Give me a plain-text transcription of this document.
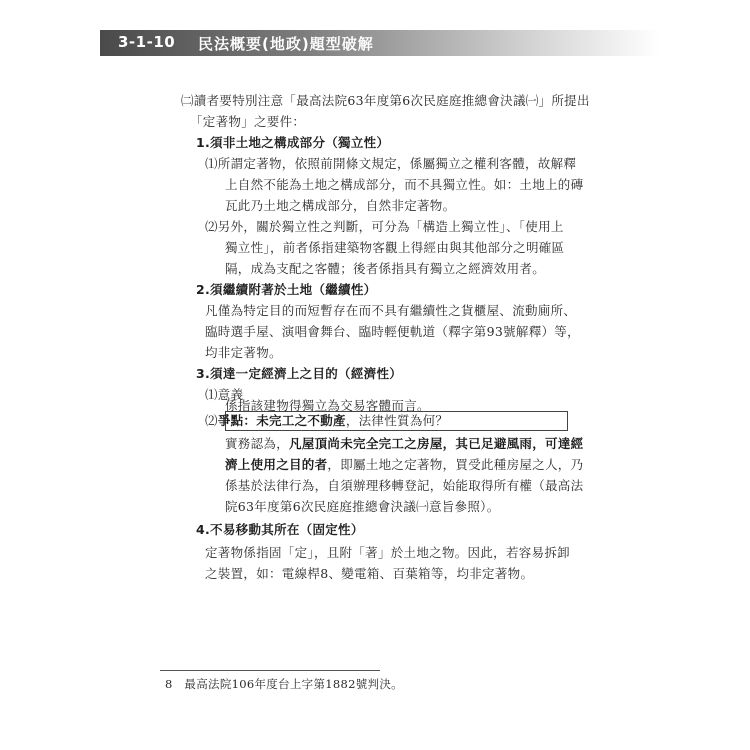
3-1-10 民法概要(地政)題型破解
㈡讀者要特別注意「最高法院63年度第6次民庭庭推總會決議㈠」所提出
「定著物」之要件：
1.須非土地之構成部分（獨立性）
⑴所謂定著物，依照前開條文規定，係屬獨立之權利客體，故解釋
上自然不能為土地之構成部分，而不具獨立性。如：土地上的磚
瓦此乃土地之構成部分，自然非定著物。
⑵另外，關於獨立性之判斷，可分為「構造上獨立性」、「使用上
獨立性」，前者係指建築物客觀上得經由與其他部分之明確區
隔，成為支配之客體；後者係指具有獨立之經濟效用者。
2.須繼續附著於土地（繼續性）
凡僅為特定目的而短暫存在而不具有繼續性之貨櫃屋、流動廁所、
臨時選手屋、演唱會舞台、臨時輕便軌道（釋字第93號解釋）等，
均非定著物。
3.須達一定經濟上之目的（經濟性）
⑴意義
係指該建物得獨立為交易客體而言。
⑵爭點：未完工之不動產，法律性質為何？
實務認為，凡屋頂尚未完全完工之房屋，其已足避風雨，可達經
濟上使用之目的者，即屬土地之定著物，買受此種房屋之人，乃
係基於法律行為，自須辦理移轉登記，始能取得所有權（最高法
院63年度第6次民庭庭推總會決議㈠意旨參照）。
4.不易移動其所在（固定性）
定著物係指固「定」，且附「著」於土地之物。因此，若容易拆卸
之裝置，如：電線桿8、變電箱、百葉箱等，均非定著物。
8　最高法院106年度台上字第1882號判決。
